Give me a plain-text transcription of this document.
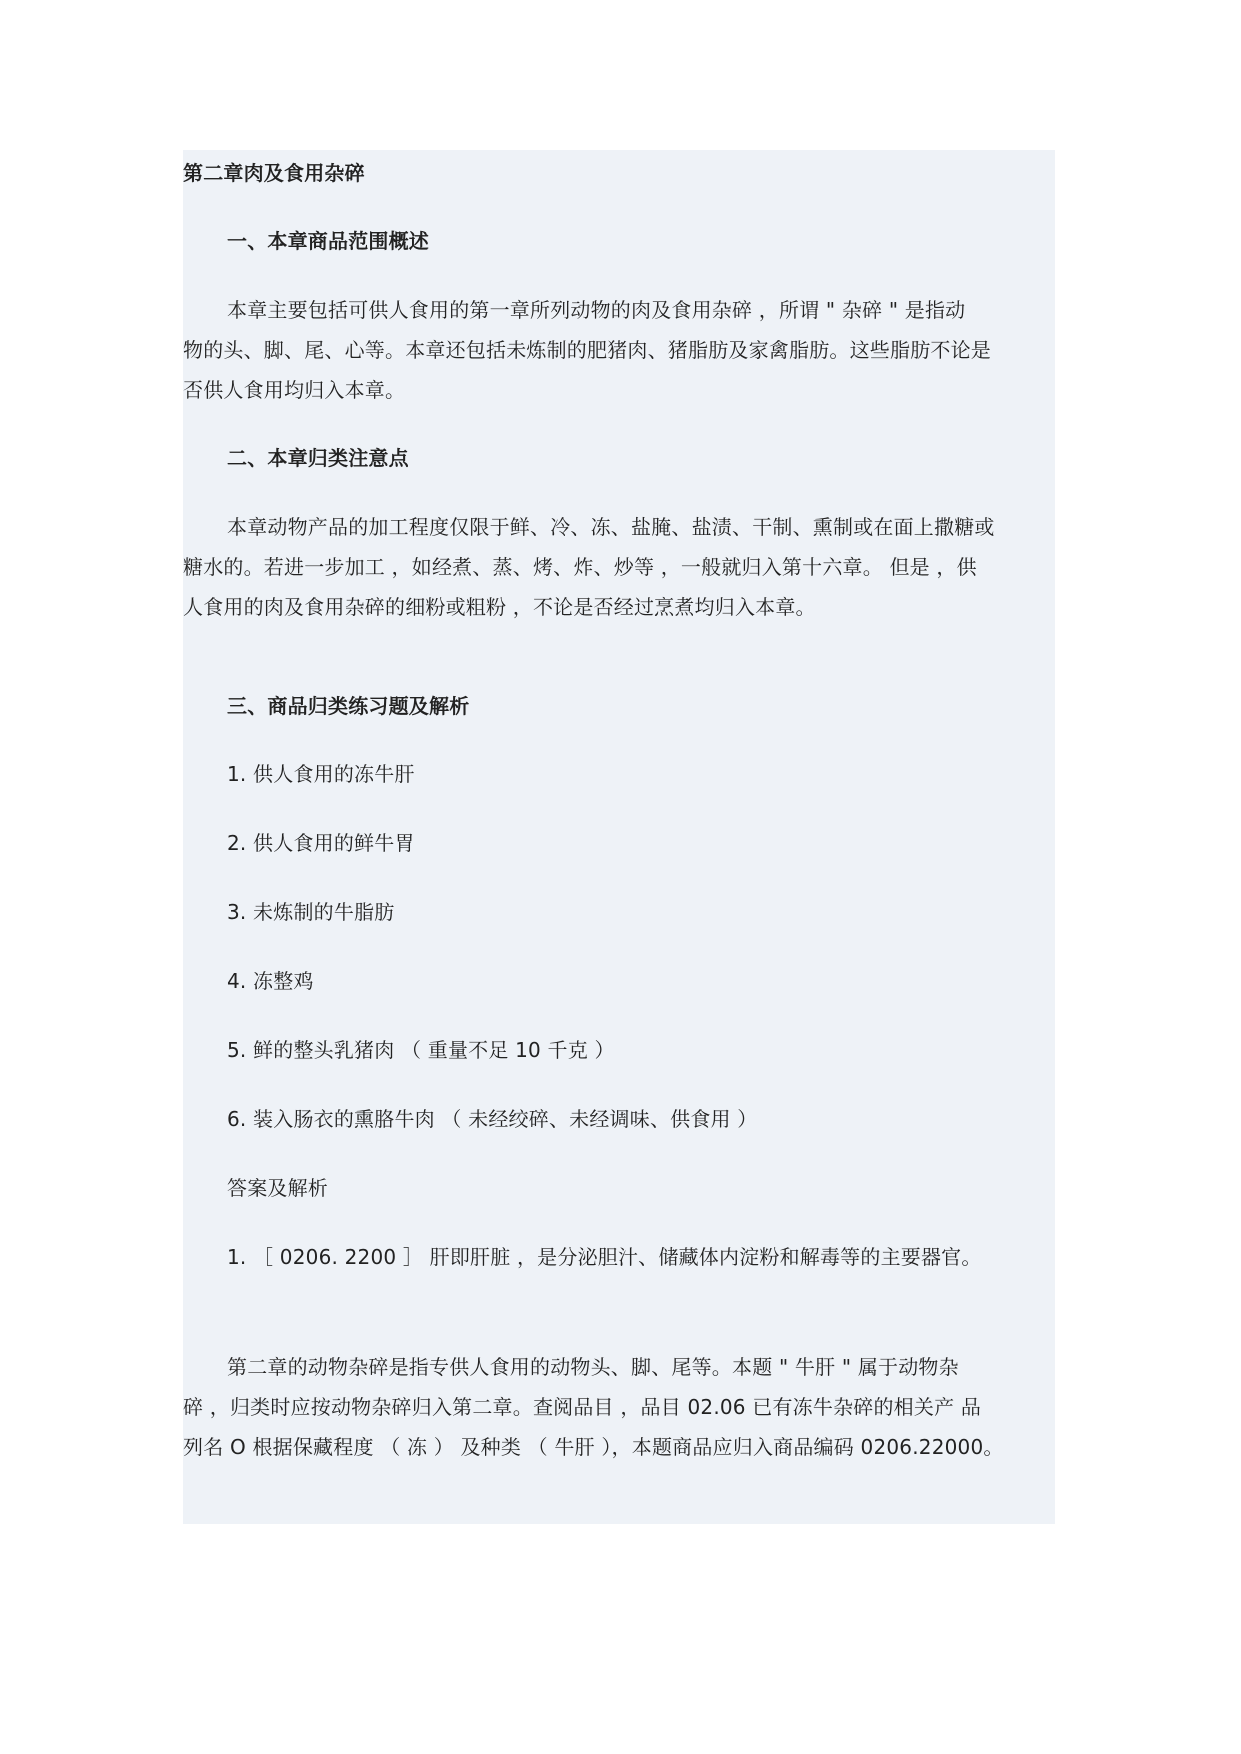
第二章肉及食用杂碎
一、本章商品范围概述
本章主要包括可供人食用的第一章所列动物的肉及食用杂碎 ，所谓 " 杂碎 " 是指动
物的头、脚、尾、心等。本章还包括未炼制的肥猪肉、猪脂肪及家禽脂肪。这些脂肪不论是
否供人食用均归入本章。
二、本章归类注意点
本章动物产品的加工程度仅限于鲜、冷、冻、盐腌、盐渍、干制、熏制或在面上撒糖或
糖水的。若进一步加工 ，如经煮、蒸、烤、炸、炒等 ，一般就归入第十六章。 但是 ，供
人食用的肉及食用杂碎的细粉或粗粉 ，不论是否经过烹煮均归入本章。
三、商品归类练习题及解析
1. 供人食用的冻牛肝
2. 供人食用的鲜牛胃
3. 未炼制的牛脂肪
4. 冻整鸡
5. 鲜的整头乳猪肉 （ 重量不足 10 千克 ）
6. 装入肠衣的熏胳牛肉 （ 未经绞碎、未经调味、供食用 ）
答案及解析
1. ［ 0206. 2200 ］ 肝即肝脏 ，是分泌胆汁、储藏体内淀粉和解毒等的主要器官。
第二章的动物杂碎是指专供人食用的动物头、脚、尾等。本题 " 牛肝 " 属于动物杂
碎 ，归类时应按动物杂碎归入第二章。查阅品目 ，品目 02.06 已有冻牛杂碎的相关产 品
列名 O 根据保藏程度 （ 冻 ） 及种类 （ 牛肝 ），本题商品应归入商品编码 0206.22000。
